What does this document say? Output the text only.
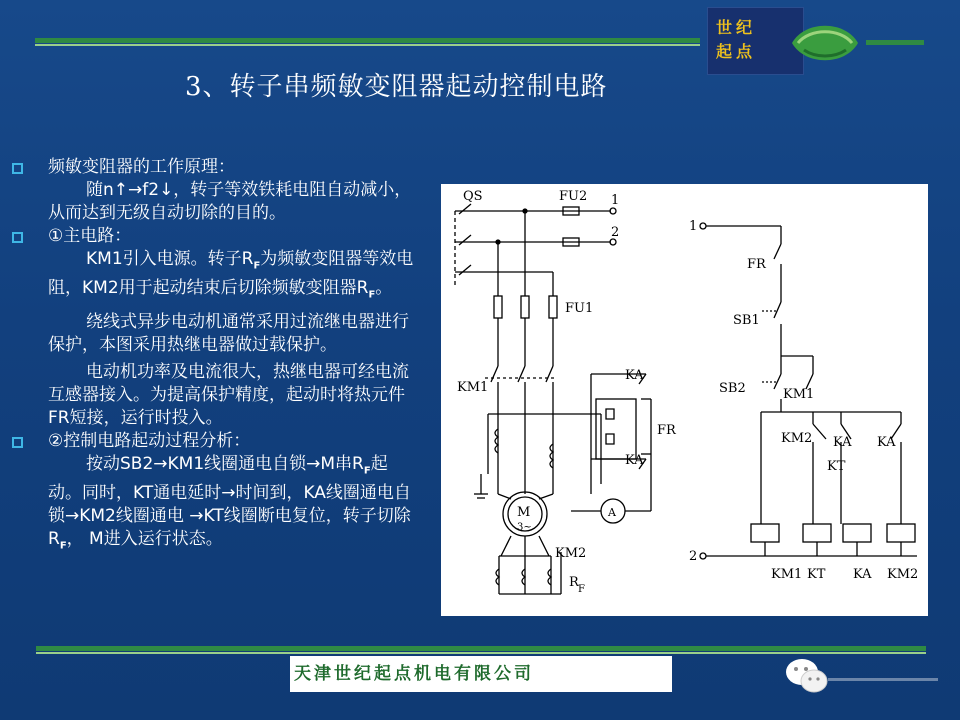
世纪
起点
3、转子串频敏变阻器起动控制电路
频敏变阻器的工作原理：
随n↑→f2↓，转子等效铁耗电阻自动减小，从而达到无级自动切除的目的。
①主电路：
KM1引入电源。转子$R_F$为频敏变阻器等效电阻，KM2用于起动结束后切除频敏变阻器$R_F$。
绕线式异步电动机通常采用过流继电器进行保护，本图采用热继电器做过载保护。
电动机功率及电流很大，热继电器可经电流互感器接入。为提高保护精度，起动时将热元件FR短接，运行时投入。
②控制电路起动过程分析：
按动SB2→KM1线圈通电自锁→M串$R_F$起动。同时，KT通电延时→时间到，KA线圈通电自锁→KM2线圈通电 →KT线圈断电复位，转子切除$R_F$， M进入运行状态。
QS	FU2 1
2
FU1
KM1
KA
FR
KA
M
3~
A
KM2
R F
1
FR
SB1
SB2	KM1
KM2 KA KA
KT
2
KM1 KT KA KM2
天津世纪起点机电有限公司
